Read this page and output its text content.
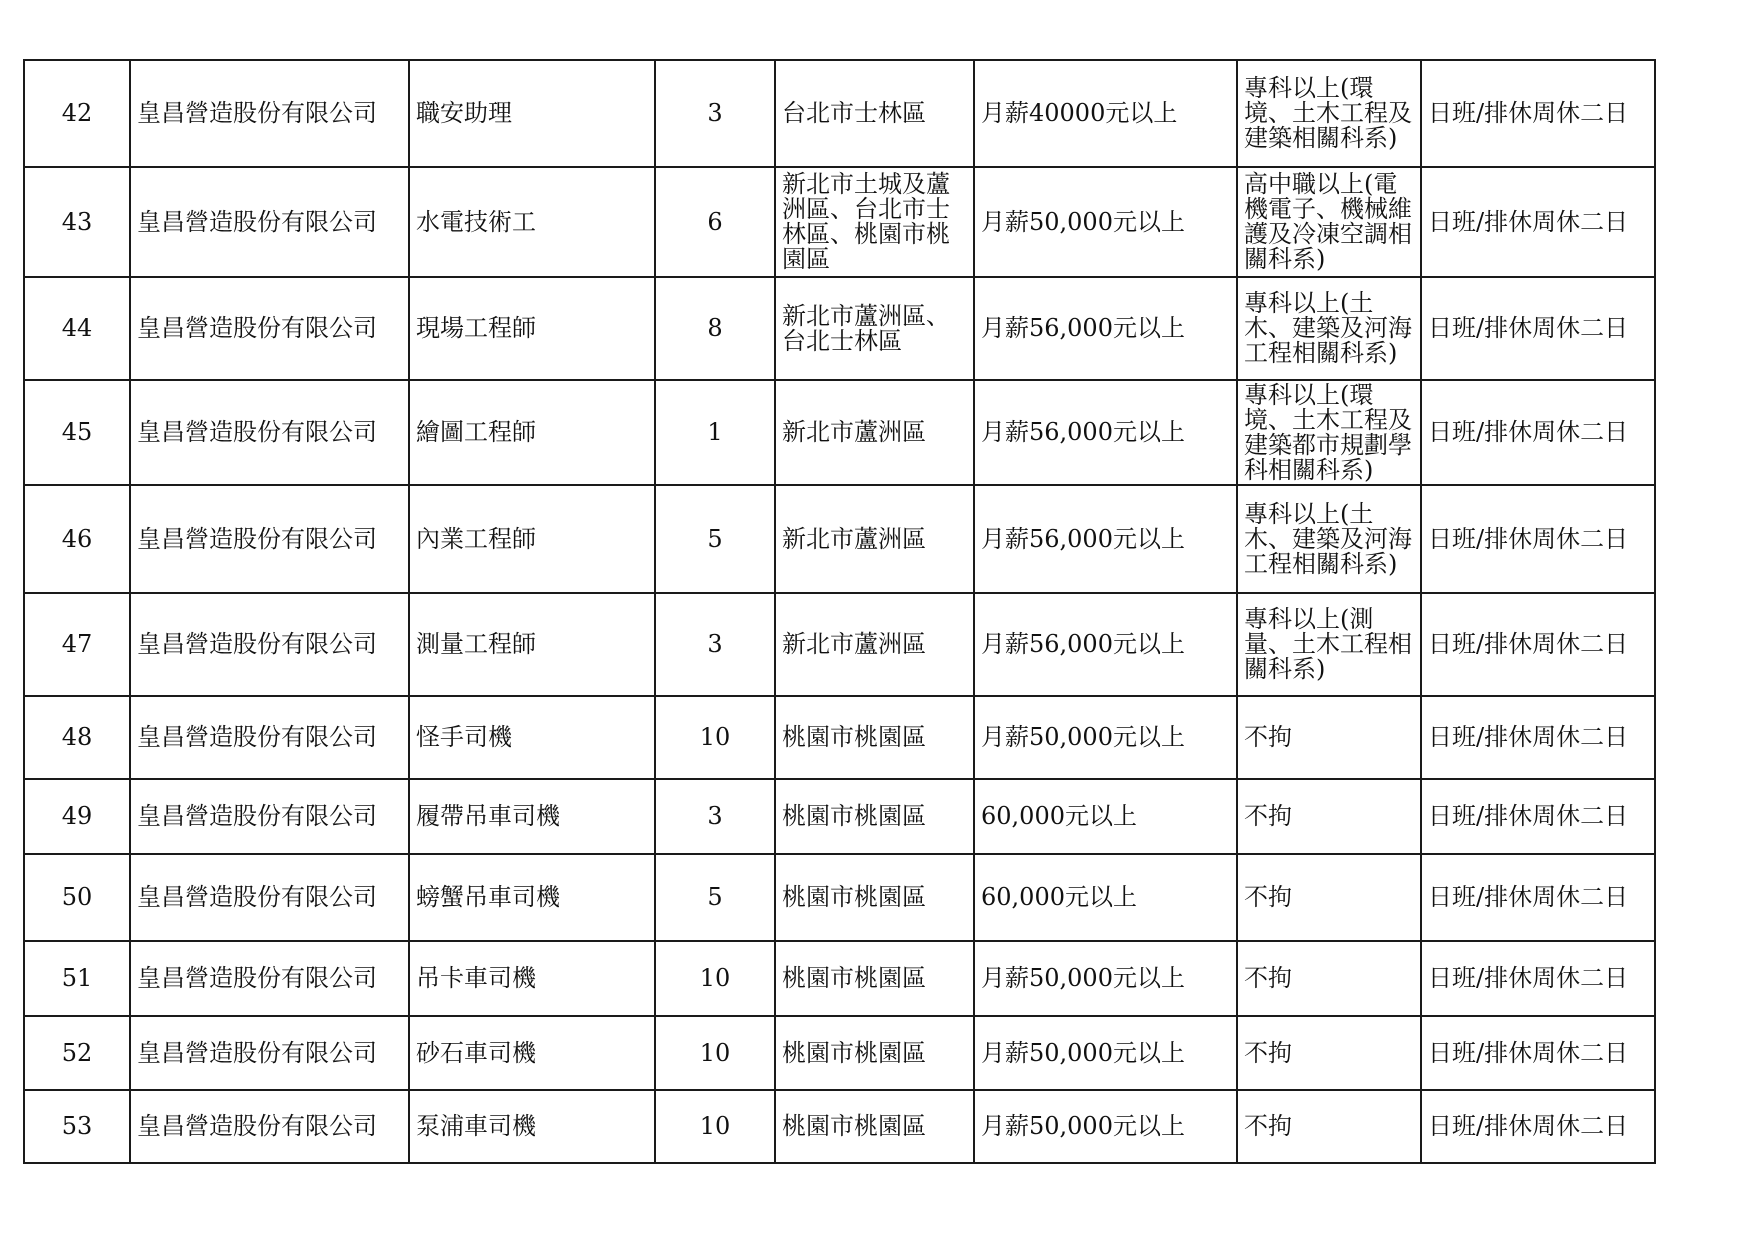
42	皇昌營造股份有限公司	職安助理	3	台北市士林區	月薪40000元以上	專科以上(環境、土木工程及建築相關科系)	日班/排休周休二日
43	皇昌營造股份有限公司	水電技術工	6	新北市土城及蘆洲區、台北市士林區、桃園市桃園區	月薪50,000元以上	高中職以上(電機電子、機械維護及冷凍空調相關科系)	日班/排休周休二日
44	皇昌營造股份有限公司	現場工程師	8	新北市蘆洲區、台北士林區	月薪56,000元以上	專科以上(土木、建築及河海工程相關科系)	日班/排休周休二日
45	皇昌營造股份有限公司	繪圖工程師	1	新北市蘆洲區	月薪56,000元以上	專科以上(環境、土木工程及建築都市規劃學科相關科系)	日班/排休周休二日
46	皇昌營造股份有限公司	內業工程師	5	新北市蘆洲區	月薪56,000元以上	專科以上(土木、建築及河海工程相關科系)	日班/排休周休二日
47	皇昌營造股份有限公司	測量工程師	3	新北市蘆洲區	月薪56,000元以上	專科以上(測量、土木工程相關科系)	日班/排休周休二日
48	皇昌營造股份有限公司	怪手司機	10	桃園市桃園區	月薪50,000元以上	不拘	日班/排休周休二日
49	皇昌營造股份有限公司	履帶吊車司機	3	桃園市桃園區	60,000元以上	不拘	日班/排休周休二日
50	皇昌營造股份有限公司	螃蟹吊車司機	5	桃園市桃園區	60,000元以上	不拘	日班/排休周休二日
51	皇昌營造股份有限公司	吊卡車司機	10	桃園市桃園區	月薪50,000元以上	不拘	日班/排休周休二日
52	皇昌營造股份有限公司	砂石車司機	10	桃園市桃園區	月薪50,000元以上	不拘	日班/排休周休二日
53	皇昌營造股份有限公司	泵浦車司機	10	桃園市桃園區	月薪50,000元以上	不拘	日班/排休周休二日
